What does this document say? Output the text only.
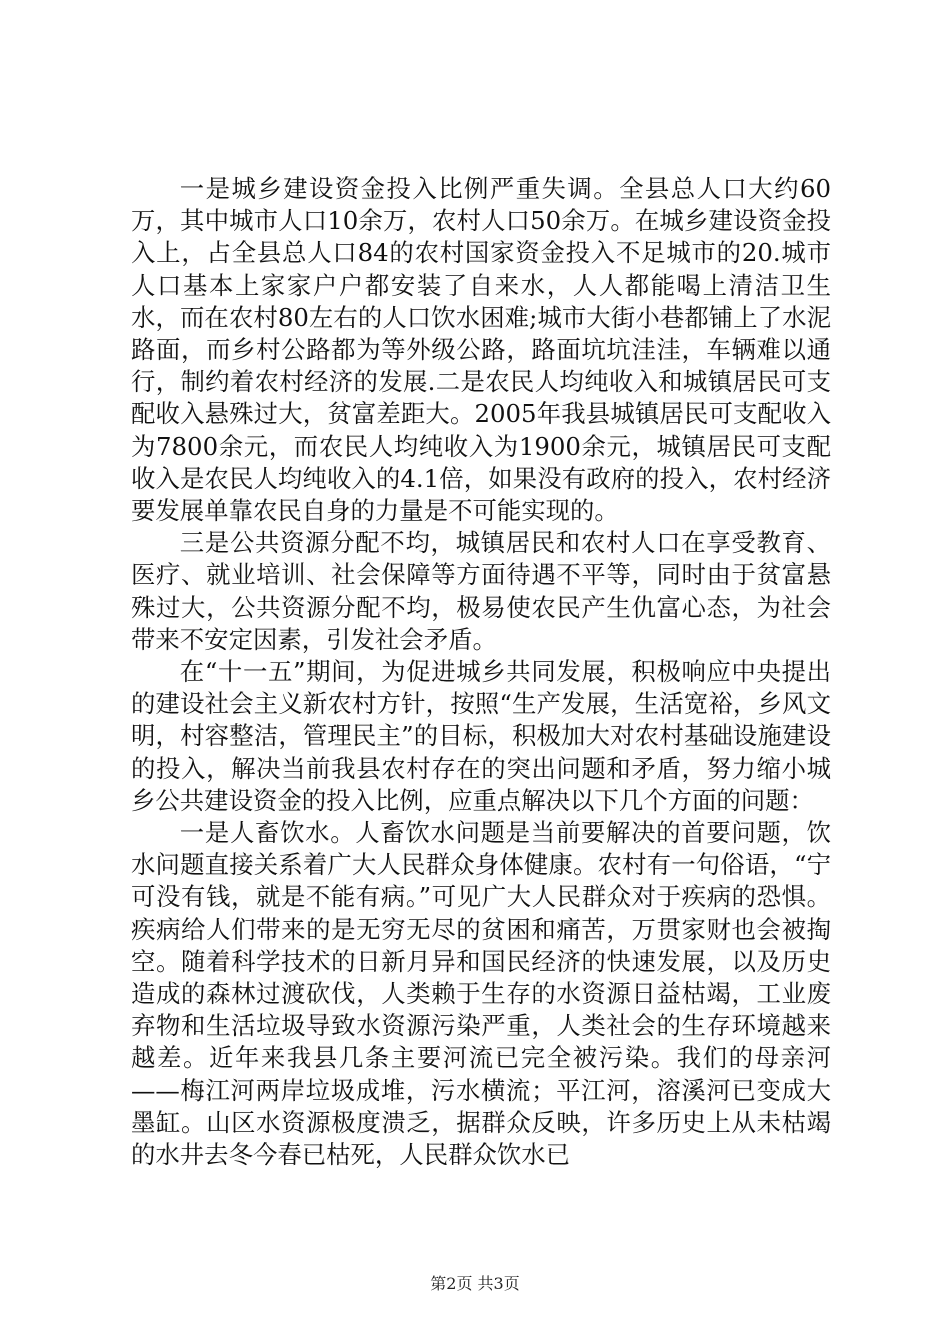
一是城乡建设资金投入比例严重失调。全县总人口大约60万，其中城市人口10余万，农村人口50余万。在城乡建设资金投入上，占全县总人口84的农村国家资金投入不足城市的20.城市人口基本上家家户户都安装了自来水，人人都能喝上清洁卫生水，而在农村80左右的人口饮水困难;城市大街小巷都铺上了水泥路面，而乡村公路都为等外级公路，路面坑坑洼洼，车辆难以通行，制约着农村经济的发展.二是农民人均纯收入和城镇居民可支配收入悬殊过大，贫富差距大。2005年我县城镇居民可支配收入为7800余元，而农民人均纯收入为1900余元，城镇居民可支配收入是农民人均纯收入的4.1倍，如果没有政府的投入，农村经济要发展单靠农民自身的力量是不可能实现的。

三是公共资源分配不均，城镇居民和农村人口在享受教育、医疗、就业培训、社会保障等方面待遇不平等，同时由于贫富悬殊过大，公共资源分配不均，极易使农民产生仇富心态，为社会带来不安定因素，引发社会矛盾。

在“十一五”期间，为促进城乡共同发展，积极响应中央提出的建设社会主义新农村方针，按照“生产发展，生活宽裕，乡风文明，村容整洁，管理民主”的目标，积极加大对农村基础设施建设的投入，解决当前我县农村存在的突出问题和矛盾，努力缩小城乡公共建设资金的投入比例，应重点解决以下几个方面的问题：

一是人畜饮水。人畜饮水问题是当前要解决的首要问题，饮水问题直接关系着广大人民群众身体健康。农村有一句俗语，“宁可没有钱，就是不能有病。”可见广大人民群众对于疾病的恐惧。疾病给人们带来的是无穷无尽的贫困和痛苦，万贯家财也会被掏空。随着科学技术的日新月异和国民经济的快速发展，以及历史造成的森林过渡砍伐，人类赖于生存的水资源日益枯竭，工业废弃物和生活垃圾导致水资源污染严重，人类社会的生存环境越来越差。近年来我县几条主要河流已完全被污染。我们的母亲河——梅江河两岸垃圾成堆，污水横流；平江河，溶溪河已变成大墨缸。山区水资源极度溃乏，据群众反映，许多历史上从未枯竭的水井去冬今春已枯死，人民群众饮水已

第2页 共3页
